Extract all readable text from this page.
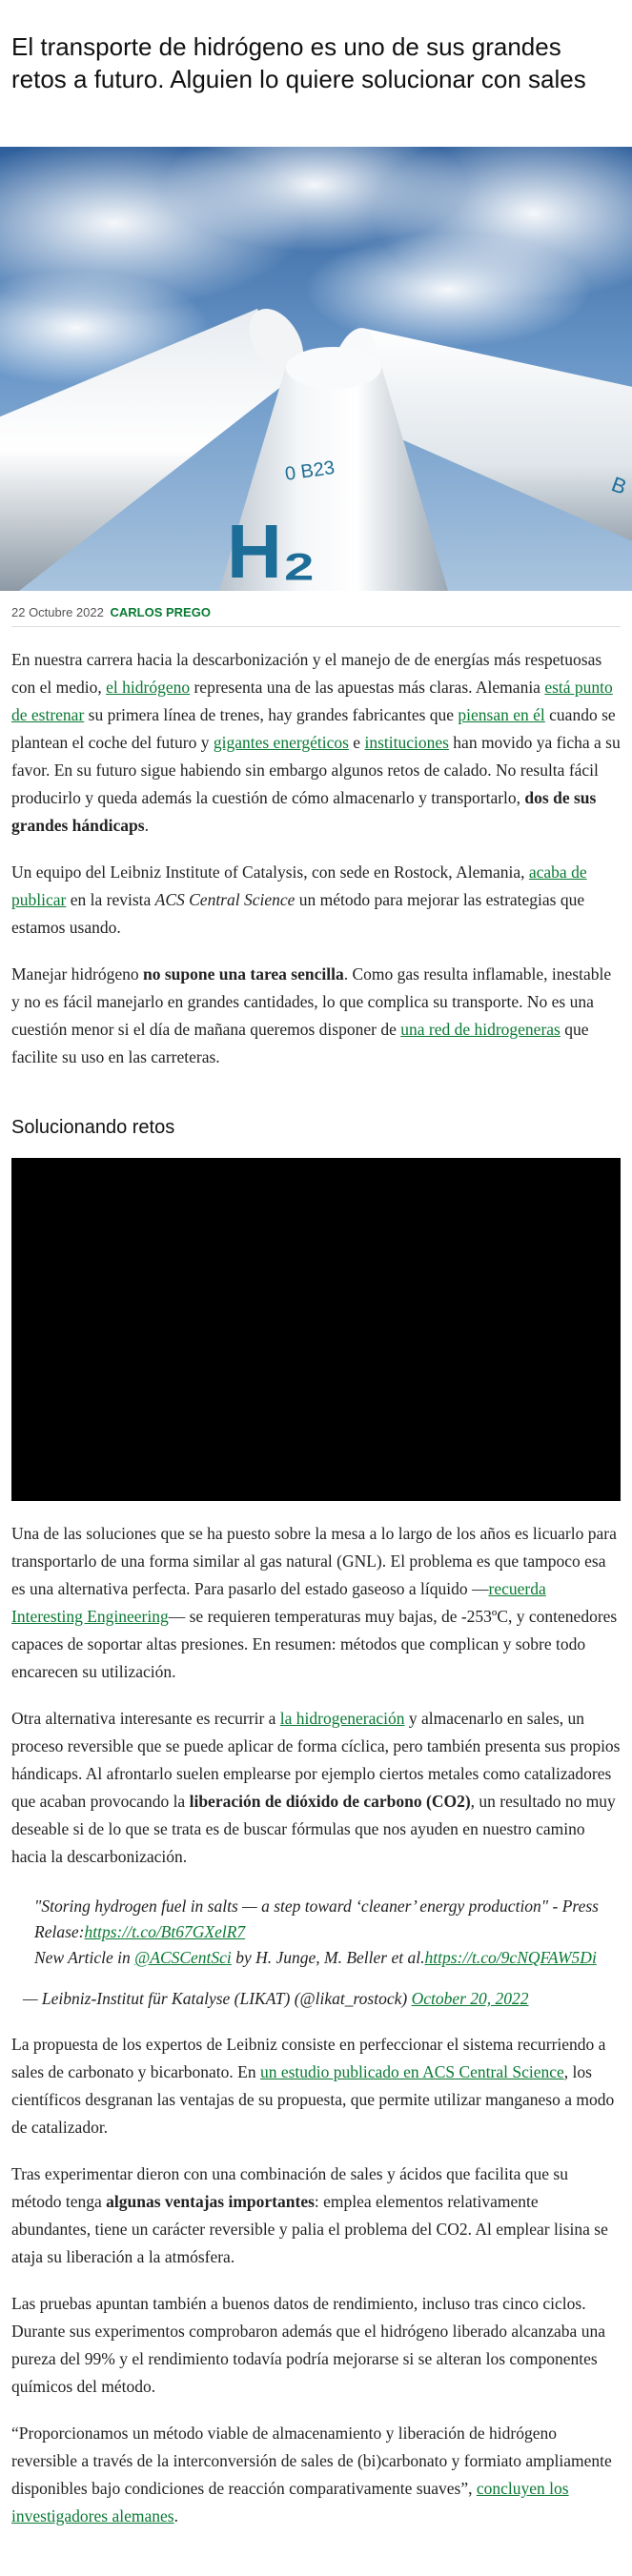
El transporte de hidrógeno es uno de sus grandes retos a futuro. Alguien lo quiere solucionar con sales
B
0 B23
H₂
22 Octubre 2022 CARLOS PREGO

En nuestra carrera hacia la descarbonización y el manejo de de energías más respetuosas con el medio, el hidrógeno representa una de las apuestas más claras. Alemania está punto de estrenar su primera línea de trenes, hay grandes fabricantes que piensan en él cuando se plantean el coche del futuro y gigantes energéticos e instituciones han movido ya ficha a su favor. En su futuro sigue habiendo sin embargo algunos retos de calado. No resulta fácil producirlo y queda además la cuestión de cómo almacenarlo y transportarlo, dos de sus grandes hándicaps.

Un equipo del Leibniz Institute of Catalysis, con sede en Rostock, Alemania, acaba de publicar en la revista ACS Central Science un método para mejorar las estrategias que estamos usando.

Manejar hidrógeno no supone una tarea sencilla. Como gas resulta inflamable, inestable y no es fácil manejarlo en grandes cantidades, lo que complica su transporte. No es una cuestión menor si el día de mañana queremos disponer de una red de hidrogeneras que facilite su uso en las carreteras.

Solucionando retos

Una de las soluciones que se ha puesto sobre la mesa a lo largo de los años es licuarlo para transportarlo de una forma similar al gas natural (GNL). El problema es que tampoco esa es una alternativa perfecta. Para pasarlo del estado gaseoso a líquido —recuerda Interesting Engineering— se requieren temperaturas muy bajas, de -253ºC, y contenedores capaces de soportar altas presiones. En resumen: métodos que complican y sobre todo encarecen su utilización.

Otra alternativa interesante es recurrir a la hidrogeneración y almacenarlo en sales, un proceso reversible que se puede aplicar de forma cíclica, pero también presenta sus propios hándicaps. Al afrontarlo suelen emplearse por ejemplo ciertos metales como catalizadores que acaban provocando la liberación de dióxido de carbono (CO2), un resultado no muy deseable si de lo que se trata es de buscar fórmulas que nos ayuden en nuestro camino hacia la descarbonización.

"Storing hydrogen fuel in salts — a step toward ‘cleaner’ energy production" - Press Relase:https://t.co/Bt67GXelR7
New Article in @ACSCentSci by H. Junge, M. Beller et al.https://t.co/9cNQFAW5Di
— Leibniz-Institut für Katalyse (LIKAT) (@likat_rostock) October 20, 2022

La propuesta de los expertos de Leibniz consiste en perfeccionar el sistema recurriendo a sales de carbonato y bicarbonato. En un estudio publicado en ACS Central Science, los científicos desgranan las ventajas de su propuesta, que permite utilizar manganeso a modo de catalizador.

Tras experimentar dieron con una combinación de sales y ácidos que facilita que su método tenga algunas ventajas importantes: emplea elementos relativamente abundantes, tiene un carácter reversible y palia el problema del CO2. Al emplear lisina se ataja su liberación a la atmósfera.

Las pruebas apuntan también a buenos datos de rendimiento, incluso tras cinco ciclos. Durante sus experimentos comprobaron además que el hidrógeno liberado alcanzaba una pureza del 99% y el rendimiento todavía podría mejorarse si se alteran los componentes químicos del método.

“Proporcionamos un método viable de almacenamiento y liberación de hidrógeno reversible a través de la interconversión de sales de (bi)carbonato y formiato ampliamente disponibles bajo condiciones de reacción comparativamente suaves”, concluyen los investigadores alemanes.
